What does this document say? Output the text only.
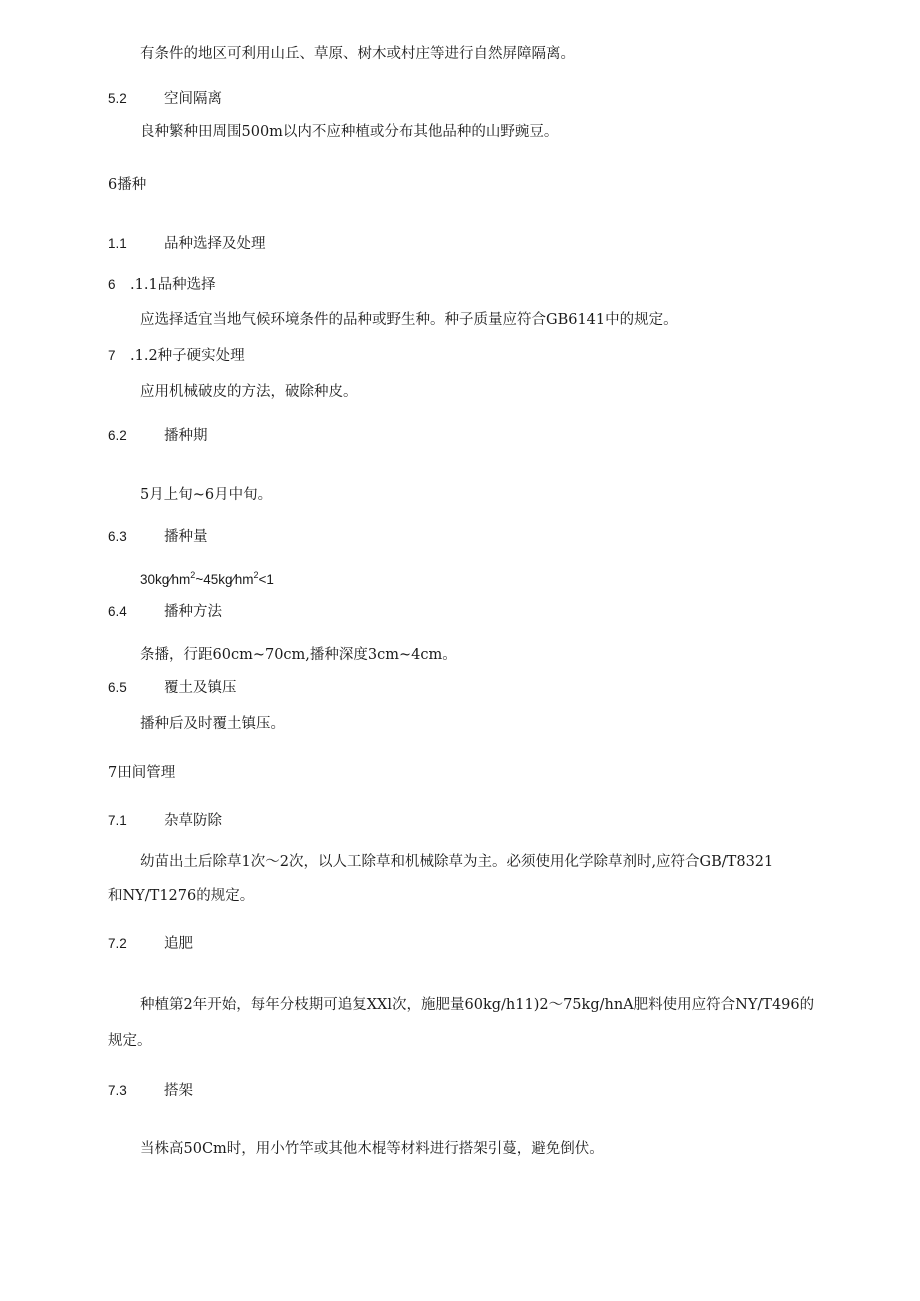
有条件的地区可利用山丘、草原、树木或村庄等进行自然屏障隔离。
5.2	空间隔离
良种繁种田周围500m以内不应种植或分布其他品种的山野豌豆。
6播种
1.1	品种选择及处理
6 .1.1品种选择
应选择适宜当地气候环境条件的品种或野生种。种子质量应符合GB6141中的规定。
7 .1.2种子硬实处理
应用机械破皮的方法，破除种皮。
6.2	播种期
5月上旬~6月中旬。
6.3	播种量
30kg∕hm2~45kg∕hm2<1
6.4	播种方法
条播，行距60cm~70cm,播种深度3cm~4cm。
6.5	覆土及镇压
播种后及时覆土镇压。
7田间管理
7.1	杂草防除
幼苗出土后除草1次～2次，以人工除草和机械除草为主。必须使用化学除草剂时,应符合GB/T8321
和NY/T1276的规定。
7.2	追肥
种植第2年开始，每年分枝期可追复XXl次，施肥量60kg∕h11)2～75kg/hnA肥料使用应符合NY/T496的
规定。
7.3	搭架
当株高50Cm时，用小竹竿或其他木棍等材料进行搭架引蔓，避免倒伏。
